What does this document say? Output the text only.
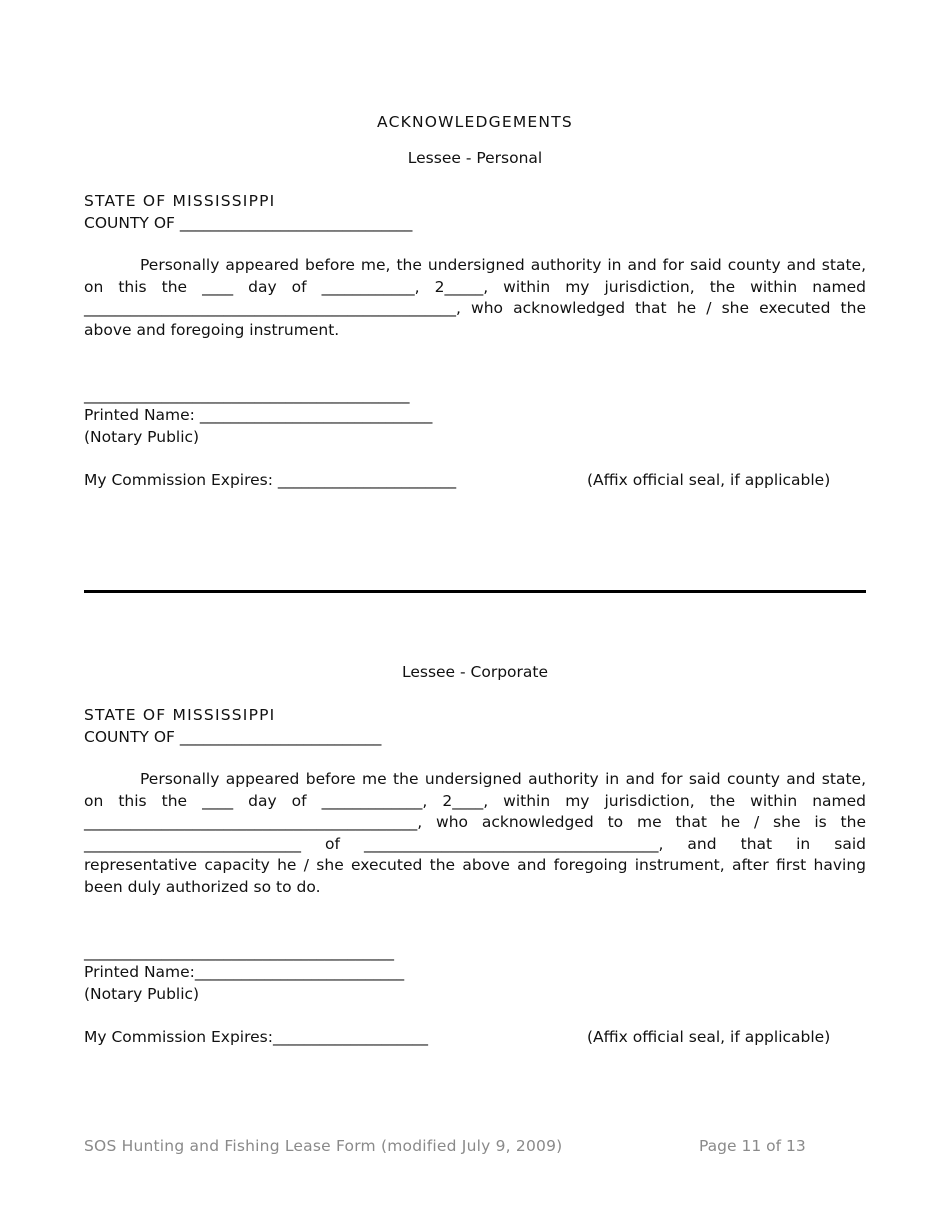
ACKNOWLEDGEMENTS
Lessee - Personal
STATE OF MISSISSIPPI
COUNTY OF ______________________________
Personally appeared before me, the undersigned authority in and for said county and state, on this the ____ day of ____________, 2_____, within my jurisdiction, the within named ________________________________________________, who acknowledged that he / she executed the above and foregoing instrument.
__________________________________________
Printed Name: ______________________________
(Notary Public)
My Commission Expires: _______________________	(Affix official seal, if applicable)
Lessee - Corporate
STATE OF MISSISSIPPI
COUNTY OF __________________________
Personally appeared before me the undersigned authority in and for said county and state, on this the ____ day of _____________, 2____, within my jurisdiction, the within named ___________________________________________, who acknowledged to me that he / she is the ____________________________ of ______________________________________, and that in said representative capacity he / she executed the above and foregoing instrument, after first having been duly authorized so to do.
________________________________________
Printed Name:___________________________
(Notary Public)
My Commission Expires:____________________	(Affix official seal, if applicable)
SOS Hunting and Fishing Lease Form (modified July 9, 2009)	Page 11 of 13
